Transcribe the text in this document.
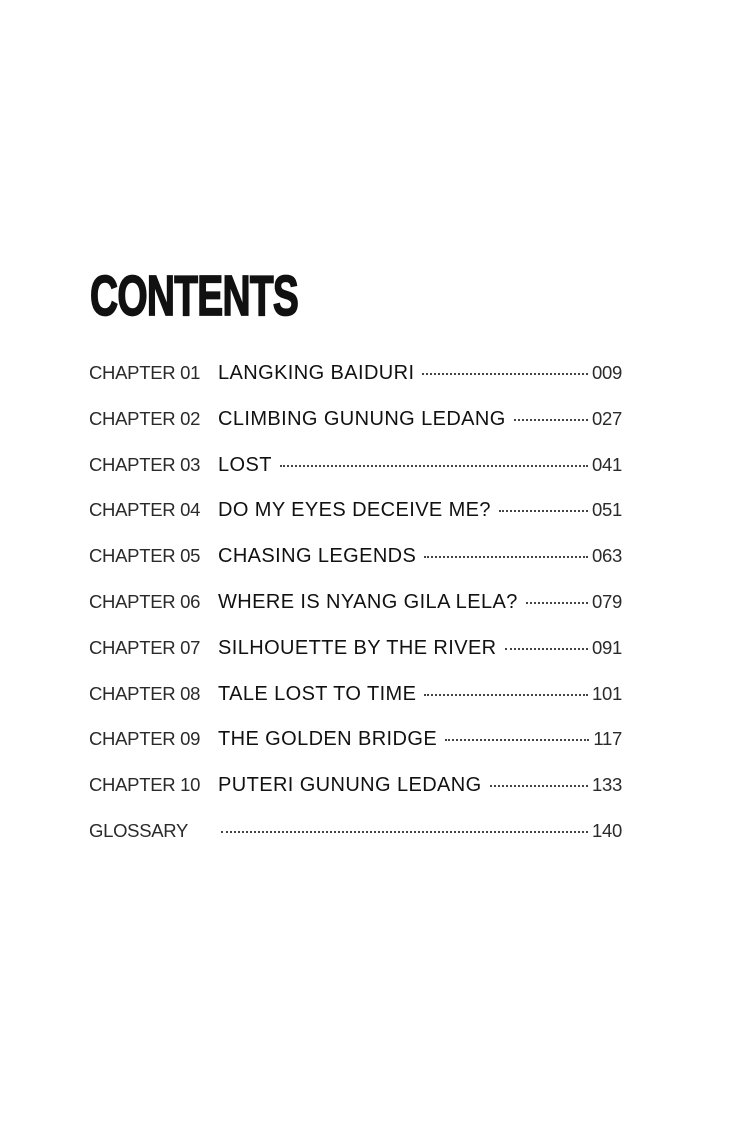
CONTENTS
CHAPTER 01 LANGKING BAIDURI	009
CHAPTER 02 CLIMBING GUNUNG LEDANG	027
CHAPTER 03 LOST	041
CHAPTER 04 DO MY EYES DECEIVE ME?	051
CHAPTER 05 CHASING LEGENDS	063
CHAPTER 06 WHERE IS NYANG GILA LELA?	079
CHAPTER 07 SILHOUETTE BY THE RIVER	091
CHAPTER 08 TALE LOST TO TIME	101
CHAPTER 09 THE GOLDEN BRIDGE	117
CHAPTER 10 PUTERI GUNUNG LEDANG	133
GLOSSARY	140
